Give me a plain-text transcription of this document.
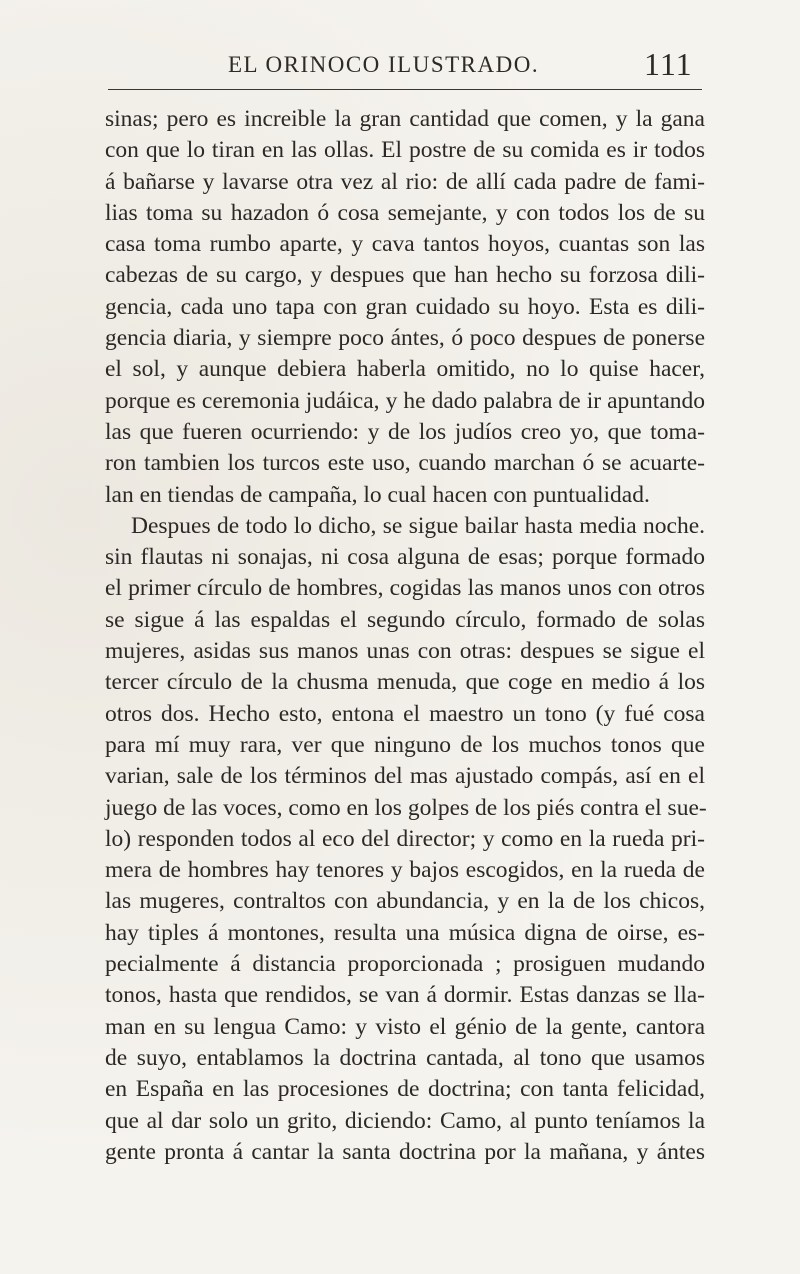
EL ORINOCO ILUSTRADO.	111
sinas; pero es increible la gran cantidad que comen, y la gana
con que lo tiran en las ollas. El postre de su comida es ir todos
á bañarse y lavarse otra vez al rio: de allí cada padre de fami-
lias toma su hazadon ó cosa semejante, y con todos los de su
casa toma rumbo aparte, y cava tantos hoyos, cuantas son las
cabezas de su cargo, y despues que han hecho su forzosa dili-
gencia, cada uno tapa con gran cuidado su hoyo. Esta es dili-
gencia diaria, y siempre poco ántes, ó poco despues de ponerse
el sol, y aunque debiera haberla omitido, no lo quise hacer,
porque es ceremonia judáica, y he dado palabra de ir apuntando
las que fueren ocurriendo: y de los judíos creo yo, que toma-
ron tambien los turcos este uso, cuando marchan ó se acuarte-
lan en tiendas de campaña, lo cual hacen con puntualidad.
Despues de todo lo dicho, se sigue bailar hasta media noche.
sin flautas ni sonajas, ni cosa alguna de esas; porque formado
el primer círculo de hombres, cogidas las manos unos con otros
se sigue á las espaldas el segundo círculo, formado de solas
mujeres, asidas sus manos unas con otras: despues se sigue el
tercer círculo de la chusma menuda, que coge en medio á los
otros dos. Hecho esto, entona el maestro un tono (y fué cosa
para mí muy rara, ver que ninguno de los muchos tonos que
varian, sale de los términos del mas ajustado compás, así en el
juego de las voces, como en los golpes de los piés contra el sue-
lo) responden todos al eco del director; y como en la rueda pri-
mera de hombres hay tenores y bajos escogidos, en la rueda de
las mugeres, contraltos con abundancia, y en la de los chicos,
hay tiples á montones, resulta una música digna de oirse, es-
pecialmente á distancia proporcionada ; prosiguen mudando
tonos, hasta que rendidos, se van á dormir. Estas danzas se lla-
man en su lengua Camo: y visto el génio de la gente, cantora
de suyo, entablamos la doctrina cantada, al tono que usamos
en España en las procesiones de doctrina; con tanta felicidad,
que al dar solo un grito, diciendo: Camo, al punto teníamos la
gente pronta á cantar la santa doctrina por la mañana, y ántes
